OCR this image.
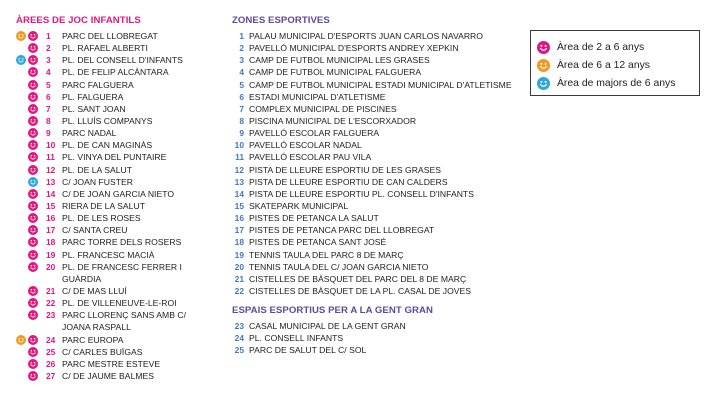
ÀREES DE JOC INFANTILS
1	PARC DEL LLOBREGAT
2	PL. RAFAEL ALBERTI
3	PL. DEL CONSELL D'INFANTS
4	PL. DE FELIP ALCÀNTARA
5	PARC FALGUERA
6	PL. FALGUERA
7	PL. SANT JOAN
8	PL. LLUÍS COMPANYS
9	PARC NADAL
10 PL. DE CAN MAGINÀS
11 PL. VINYA DEL PUNTAIRE
12 PL. DE LA SALUT
13 C/ JOAN FUSTER
14 C/ DE JOAN GARCIA NIETO
15 RIERA DE LA SALUT
16 PL. DE LES ROSES
17 C/ SANTA CREU
18 PARC TORRE DELS ROSERS
19 PL. FRANCESC MACIÀ
20 PL. DE FRANCESC FERRER I GUÀRDIA
21 C/ DE MAS LLUÍ
22 PL. DE VILLENEUVE-LE-ROI
23 PARC LLORENÇ SANS AMB C/ JOANA RASPALL
24 PARC EUROPA
25 C/ CARLES BUÏGAS
26 PARC MESTRE ESTEVE
27 C/ DE JAUME BALMES
ZONES ESPORTIVES
1 PALAU MUNICIPAL D'ESPORTS JUAN CARLOS NAVARRO
2 PAVELLÓ MUNICIPAL D'ESPORTS ANDREY XEPKIN
3 CAMP DE FUTBOL MUNICIPAL LES GRASES
4 CAMP DE FUTBOL MUNICIPAL FALGUERA
5 CAMP DE FUTBOL MUNICIPAL ESTADI MUNICIPAL D'ATLETISME
6 ESTADI MUNICIPAL D'ATLETISME
7 COMPLEX MUNICIPAL DE PISCINES
8 PISCINA MUNICIPAL DE L'ESCORXADOR
9 PAVELLÓ ESCOLAR FALGUERA
10 PAVELLÓ ESCOLAR NADAL
11 PAVELLÓ ESCOLAR PAU VILA
12 PISTA DE LLEURE ESPORTIU DE LES GRASES
13 PISTA DE LLEURE ESPORTIU DE CAN CALDERS
14 PISTA DE LLEURE ESPORTIU PL. CONSELL D'INFANTS
15 SKATEPARK MUNICIPAL
16 PISTES DE PETANCA LA SALUT
17 PISTES DE PETANCA PARC DEL LLOBREGAT
18 PISTES DE PETANCA SANT JOSÉ
19 TENNIS TAULA DEL PARC 8 DE MARÇ
20 TENNIS TAULA DEL C/ JOAN GARCIA NIETO
21 CISTELLES DE BÀSQUET DEL PARC DEL 8 DE MARÇ
22 CISTELLES DE BÀSQUET DE LA PL. CASAL DE JOVES
ESPAIS ESPORTIUS PER A LA GENT GRAN
23 CASAL MUNICIPAL DE LA GENT GRAN
24 PL. CONSELL INFANTS
25 PARC DE SALUT DEL C/ SOL
Àrea de 2 a 6 anys
Àrea de 6 a 12 anys
Àrea de majors de 6 anys
